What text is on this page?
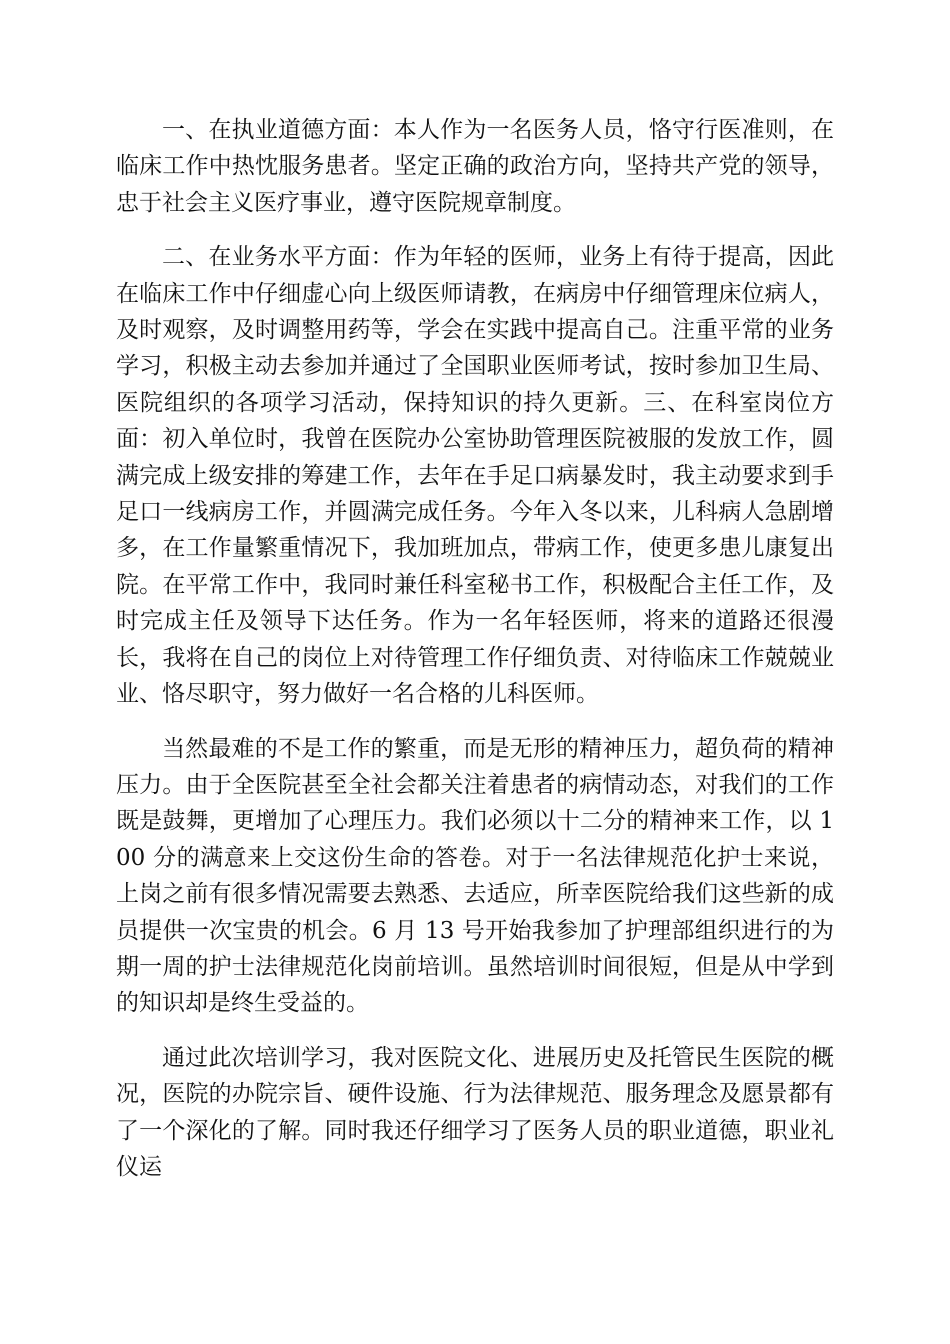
一、在执业道德方面：本人作为一名医务人员，恪守行医准则，在临床工作中热忱服务患者。坚定正确的政治方向，坚持共产党的领导，忠于社会主义医疗事业，遵守医院规章制度。

二、在业务水平方面：作为年轻的医师，业务上有待于提高，因此在临床工作中仔细虚心向上级医师请教，在病房中仔细管理床位病人，及时观察，及时调整用药等，学会在实践中提高自己。注重平常的业务学习，积极主动去参加并通过了全国职业医师考试，按时参加卫生局、医院组织的各项学习活动，保持知识的持久更新。三、在科室岗位方面：初入单位时，我曾在医院办公室协助管理医院被服的发放工作，圆满完成上级安排的筹建工作，去年在手足口病暴发时，我主动要求到手足口一线病房工作，并圆满完成任务。今年入冬以来，儿科病人急剧增多，在工作量繁重情况下，我加班加点，带病工作，使更多患儿康复出院。在平常工作中，我同时兼任科室秘书工作，积极配合主任工作，及时完成主任及领导下达任务。作为一名年轻医师，将来的道路还很漫长，我将在自己的岗位上对待管理工作仔细负责、对待临床工作兢兢业业、恪尽职守，努力做好一名合格的儿科医师。

当然最难的不是工作的繁重，而是无形的精神压力，超负荷的精神压力。由于全医院甚至全社会都关注着患者的病情动态，对我们的工作既是鼓舞，更增加了心理压力。我们必须以十二分的精神来工作，以 100 分的满意来上交这份生命的答卷。对于一名法律规范化护士来说，上岗之前有很多情况需要去熟悉、去适应，所幸医院给我们这些新的成员提供一次宝贵的机会。6 月 13 号开始我参加了护理部组织进行的为期一周的护士法律规范化岗前培训。虽然培训时间很短，但是从中学到的知识却是终生受益的。

通过此次培训学习，我对医院文化、进展历史及托管民生医院的概况，医院的办院宗旨、硬件设施、行为法律规范、服务理念及愿景都有了一个深化的了解。同时我还仔细学习了医务人员的职业道德，职业礼仪运
